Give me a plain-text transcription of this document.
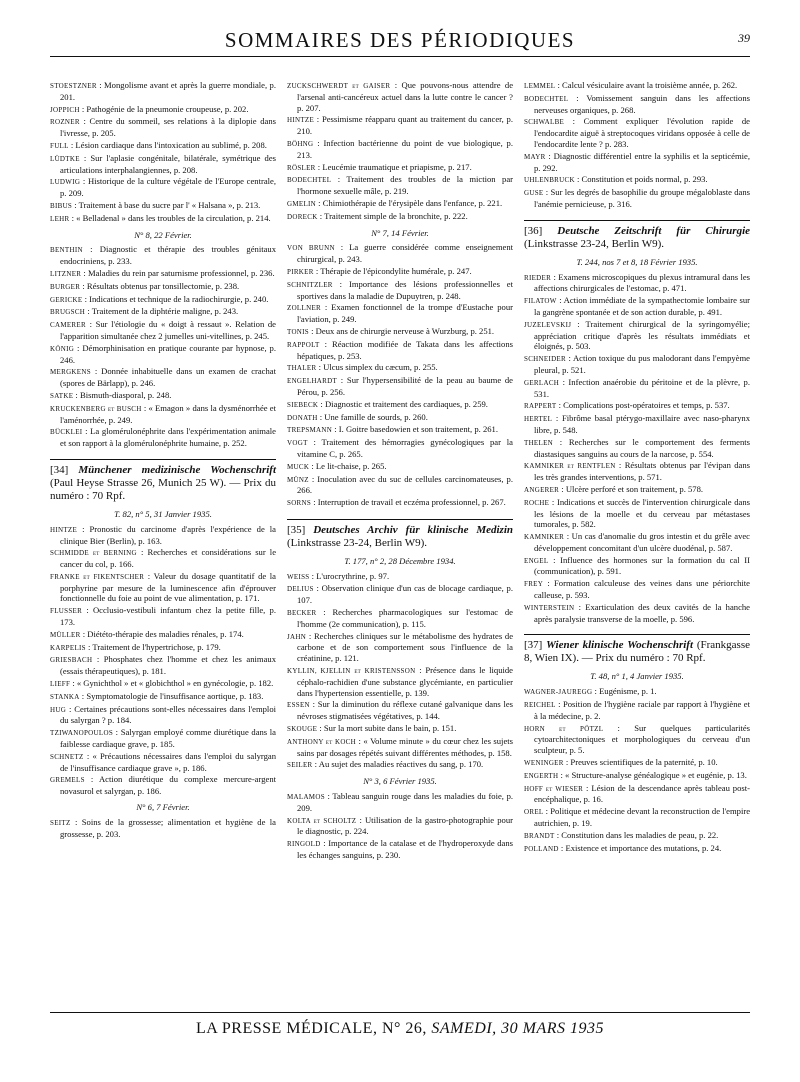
SOMMAIRES DES PÉRIODIQUES	39

STOESTZNER : Mongolisme avant et après la guerre mondiale, p. 201.

JOPPICH : Pathogénie de la pneumonie croupeuse, p. 202.

ROZNER : Centre du sommeil, ses relations à la diplopie dans l'ivresse, p. 205.

FULL : Lésion cardiaque dans l'intoxication au sublimé, p. 208.

LÜDTKE : Sur l'aplasie congénitale, bilatérale, symétrique des articulations interphalangiennes, p. 208.

LUDWIG : Historique de la culture végétale de l'Europe centrale, p. 209.

BIBUS : Traitement à base du sucre par l' « Halsana », p. 213.

LEHR : « Belladenal » dans les troubles de la circulation, p. 214.

N° 8, 22 Février.

BENTHIN : Diagnostic et thérapie des troubles génitaux endocriniens, p. 233.

LITZNER : Maladies du rein par saturnisme professionnel, p. 236.

BURGER : Résultats obtenus par tonsillectomie, p. 238.

GERICKE : Indications et technique de la radiochirurgie, p. 240.

BRUGSCH : Traitement de la diphtérie maligne, p. 243.

CAMERER : Sur l'étiologie du « doigt à ressaut ». Relation de l'apparition simultanée chez 2 jumelles uni-vitellines, p. 245.

KÖNIG : Démorphinisation en pratique courante par hypnose, p. 246.

MERGKENS : Donnée inhabituelle dans un examen de crachat (spores de Bärlapp), p. 246.

SATKE : Bismuth-diasporal, p. 248.

KRUCKENBERG et BUSCH : « Emagon » dans la dysménorrhée et l'aménorrhée, p. 249.

BÜCKLEI : La glomérulonéphrite dans l'expérimentation animale et son rapport à la glomérulonéphrite humaine, p. 252.

[34] Münchener medizinische Wochenschrift (Paul Heyse Strasse 26, Munich 25 W). — Prix du numéro : 70 Rpf.

T. 82, n° 5, 31 Janvier 1935.

HINTZE : Pronostic du carcinome d'après l'expérience de la clinique Bier (Berlin), p. 163.

SCHMIDDE et BERNING : Recherches et considérations sur le cancer du col, p. 166.

FRANKE et FIKENTSCHER : Valeur du dosage quantitatif de la porphyrine par mesure de la luminescence afin d'éprouver fonctionnelle du foie au point de vue alimentation, p. 171.

FLUSSER : Occlusio-vestibuli infantum chez la petite fille, p. 173.

MÜLLER : Diététo-thérapie des maladies rénales, p. 174.

KARPELIS : Traitement de l'hypertrichose, p. 179.

GRIESBACH : Phosphates chez l'homme et chez les animaux (essais thérapeutiques), p. 181.

LIEFF : « Gynichthol » et « globichthol » en gynécologie, p. 182.

STANKA : Symptomatologie de l'insuffisance aortique, p. 183.

HUG : Certaines précautions sont-elles nécessaires dans l'emploi du salyrgan ? p. 184.

TZIWANOPOULOS : Salyrgan employé comme diurétique dans la faiblesse cardiaque grave, p. 185.

SCHNETZ : « Précautions nécessaires dans l'emploi du salyrgan de l'insuffisance cardiaque grave », p. 186.

GREMELS : Action diurétique du complexe mercure-argent novasurol et salyrgan, p. 186.

N° 6, 7 Février.

SEITZ : Soins de la grossesse; alimentation et hygiène de la grossesse, p. 203.

ZUCKSCHWERDT et GAISER : Que pouvons-nous attendre de l'arsenal anti-cancéreux actuel dans la lutte contre le cancer ? p. 207.

HINTZE : Pessimisme réapparu quant au traitement du cancer, p. 210.

BÖHNG : Infection bactérienne du point de vue biologique, p. 213.

RÖSLER : Leucémie traumatique et priapisme, p. 217.

BODECHTEL : Traitement des troubles de la miction par l'hormone sexuelle mâle, p. 219.

GMELIN : Chimiothérapie de l'érysipèle dans l'enfance, p. 221.

DORECK : Traitement simple de la bronchite, p. 222.

N° 7, 14 Février.

VON BRUNN : La guerre considérée comme enseignement chirurgical, p. 243.

PIRKER : Thérapie de l'épicondylite humérale, p. 247.

SCHNITZLER : Importance des lésions professionnelles et sportives dans la maladie de Dupuytren, p. 248.

ZOLLNER : Examen fonctionnel de la trompe d'Eustache pour l'aviation, p. 249.

TONIS : Deux ans de chirurgie nerveuse à Wurzburg, p. 251.

RAPPOLT : Réaction modifiée de Takata dans les affections hépatiques, p. 253.

THALER : Ulcus simplex du cæcum, p. 255.

ENGELHARDT : Sur l'hypersensibilité de la peau au baume de Pérou, p. 256.

SIEBECK : Diagnostic et traitement des cardiaques, p. 259.

DONATH : Une famille de sourds, p. 260.

TREPSMANN : I. Goitre basedowien et son traitement, p. 261.

VOGT : Traitement des hémorragies gynécologiques par la vitamine C, p. 265.

MUCK : Le lit-chaise, p. 265.

MÜNZ : Inoculation avec du suc de cellules carcinomateuses, p. 266.

SORNS : Interruption de travail et eczéma professionnel, p. 267.

[35] Deutsches Archiv für klinische Medizin (Linkstrasse 23-24, Berlin W9).

T. 177, n° 2, 28 Décembre 1934.

WEISS : L'urocrythrine, p. 97.

DELIUS : Observation clinique d'un cas de blocage cardiaque, p. 107.

BECKER : Recherches pharmacologiques sur l'estomac de l'homme (2e communication), p. 115.

JAHN : Recherches cliniques sur le métabolisme des hydrates de carbone et de son comportement sous l'influence de la créatinine, p. 121.

KYLLIN, KJELLIN et KRISTENSSON : Présence dans le liquide céphalo-rachidien d'une substance glycémiante, en particulier dans l'hypertension essentielle, p. 139.

ESSEN : Sur la diminution du réflexe cutané galvanique dans les névroses stigmatisées végétatives, p. 144.

SKOUGE : Sur la mort subite dans le bain, p. 151.

ANTHONY et KOCH : « Volume minute » du cœur chez les sujets sains par dosages répétés suivant différentes méthodes, p. 158.

SEILER : Au sujet des maladies réactives du sang, p. 170.

N° 3, 6 Février 1935.

MALAMOS : Tableau sanguin rouge dans les maladies du foie, p. 209.

KOLTA et SCHOLTZ : Utilisation de la gastro-photographie pour le diagnostic, p. 224.

RINGOLD : Importance de la catalase et de l'hydroperoxyde dans les échanges sanguins, p. 230.

LEMMEL : Calcul vésiculaire avant la troisième année, p. 262.

BODECHTEL : Vomissement sanguin dans les affections nerveuses organiques, p. 268.

SCHWALBE : Comment expliquer l'évolution rapide de l'endocardite aiguë à streptocoques viridans opposée à celle de l'endocardite lente ? p. 283.

MAYR : Diagnostic différentiel entre la syphilis et la septicémie, p. 292.

UHLENBRUCK : Constitution et poids normal, p. 293.

GUSE : Sur les degrés de basophilie du groupe mégaloblaste dans l'anémie pernicieuse, p. 316.

[36] Deutsche Zeitschrift für Chirurgie (Linkstrasse 23-24, Berlin W9).

T. 244, nos 7 et 8, 18 Février 1935.

RIEDER : Examens microscopiques du plexus intramural dans les affections chirurgicales de l'estomac, p. 471.

FILATOW : Action immédiate de la sympathectomie lombaire sur la gangrène spontanée et de son action durable, p. 491.

JUZELEVSKIJ : Traitement chirurgical de la syringomyélie; appréciation critique d'après les résultats immédiats et éloignés, p. 503.

SCHNEIDER : Action toxique du pus malodorant dans l'empyème pleural, p. 521.

GERLACH : Infection anaérobie du péritoine et de la plèvre, p. 531.

RAPPERT : Complications post-opératoires et temps, p. 537.

HERTEL : Fibrôme basal ptérygo-maxillaire avec naso-pharynx libre, p. 548.

THELEN : Recherches sur le comportement des ferments diastasiques sanguins au cours de la narcose, p. 554.

KAMNIKER et RENTFLEN : Résultats obtenus par l'évipan dans les très grandes interventions, p. 571.

ANGERER : Ulcère perforé et son traitement, p. 578.

ROCHE : Indications et succès de l'intervention chirurgicale dans les lésions de la moelle et du cerveau par métastases tumorales, p. 582.

KAMNIKER : Un cas d'anomalie du gros intestin et du grêle avec développement concomitant d'un ulcère duodénal, p. 587.

ENGEL : Influence des hormones sur la formation du cal II (communication), p. 591.

FREY : Formation calculeuse des veines dans une périorchite calleuse, p. 593.

WINTERSTEIN : Exarticulation des deux cavités de la hanche après paralysie transverse de la moelle, p. 596.

[37] Wiener klinische Wochenschrift (Frankgasse 8, Wien IX). — Prix du numéro : 70 Rpf.

T. 48, n° 1, 4 Janvier 1935.

WAGNER-JAUREGG : Eugénisme, p. 1.

REICHEL : Position de l'hygiène raciale par rapport à l'hygiène et à la médecine, p. 2.

HORN et PÖTZL : Sur quelques particularités cytoarchitectoniques et morphologiques du cerveau d'un sculpteur, p. 5.

WENINGER : Preuves scientifiques de la paternité, p. 10.

ENGERTH : « Structure-analyse généalogique » et eugénie, p. 13.

HOFF et WIESER : Lésion de la descendance après tableau post-encéphalique, p. 16.

OREL : Politique et médecine devant la reconstruction de l'empire autrichien, p. 19.

BRANDT : Constitution dans les maladies de peau, p. 22.

POLLAND : Existence et importance des mutations, p. 24.

LA PRESSE MÉDICALE, N° 26, SAMEDI, 30 MARS 1935
